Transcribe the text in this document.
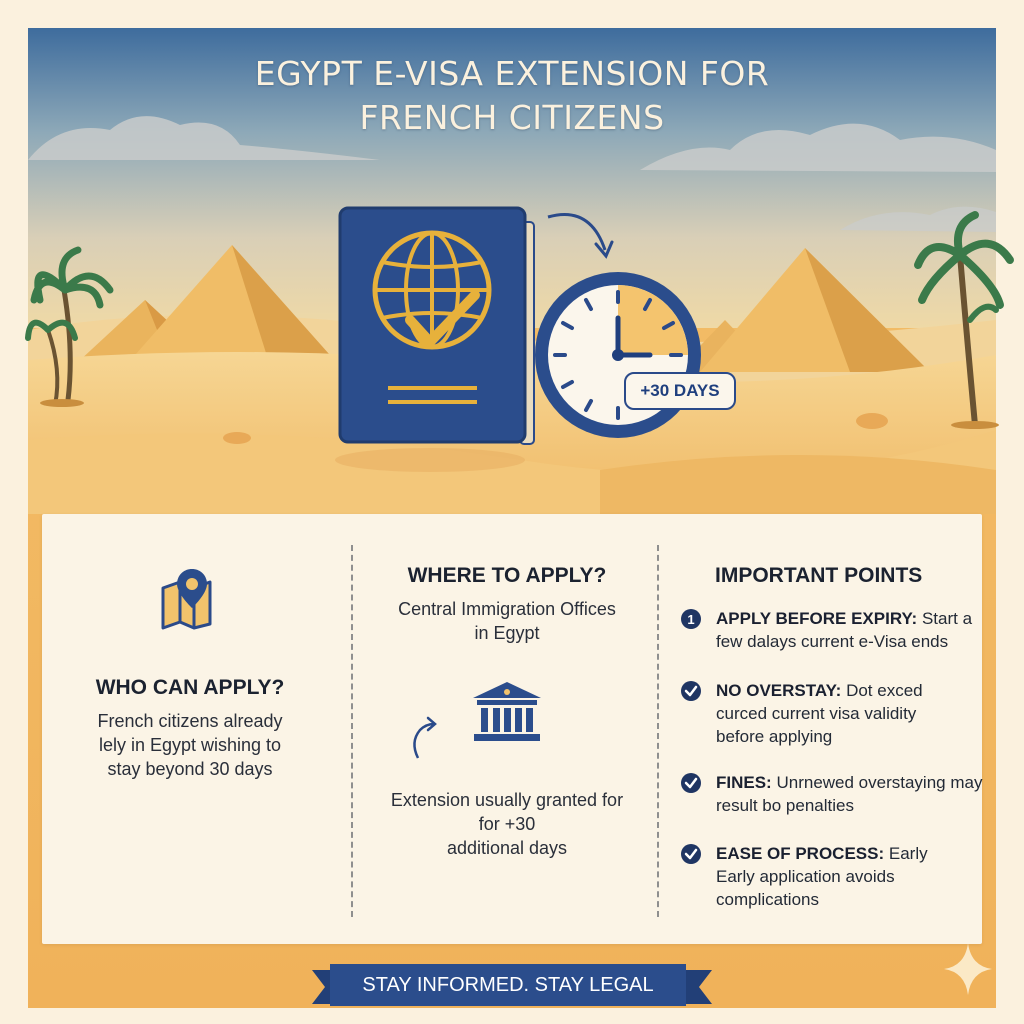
EGYPT E-VISA EXTENSION FOR
FRENCH CITIZENS
+30 DAYS
WHO CAN APPLY?
French citizens already
lely in Egypt wishing to
stay beyond 30 days
WHERE TO APPLY?
Central Immigration Offices
in Egypt
Extension usually granted for
for +30
additional days
IMPORTANT POINTS
1 APPLY BEFORE EXPIRY: Start a
few dalays current e-Visa ends
NO OVERSTAY: Dot exced
curced current visa validity
before applying
FINES: Unrnewed overstaying may
result bo penalties
EASE OF PROCESS: Early
Early application avoids
complications
STAY INFORMED. STAY LEGAL
